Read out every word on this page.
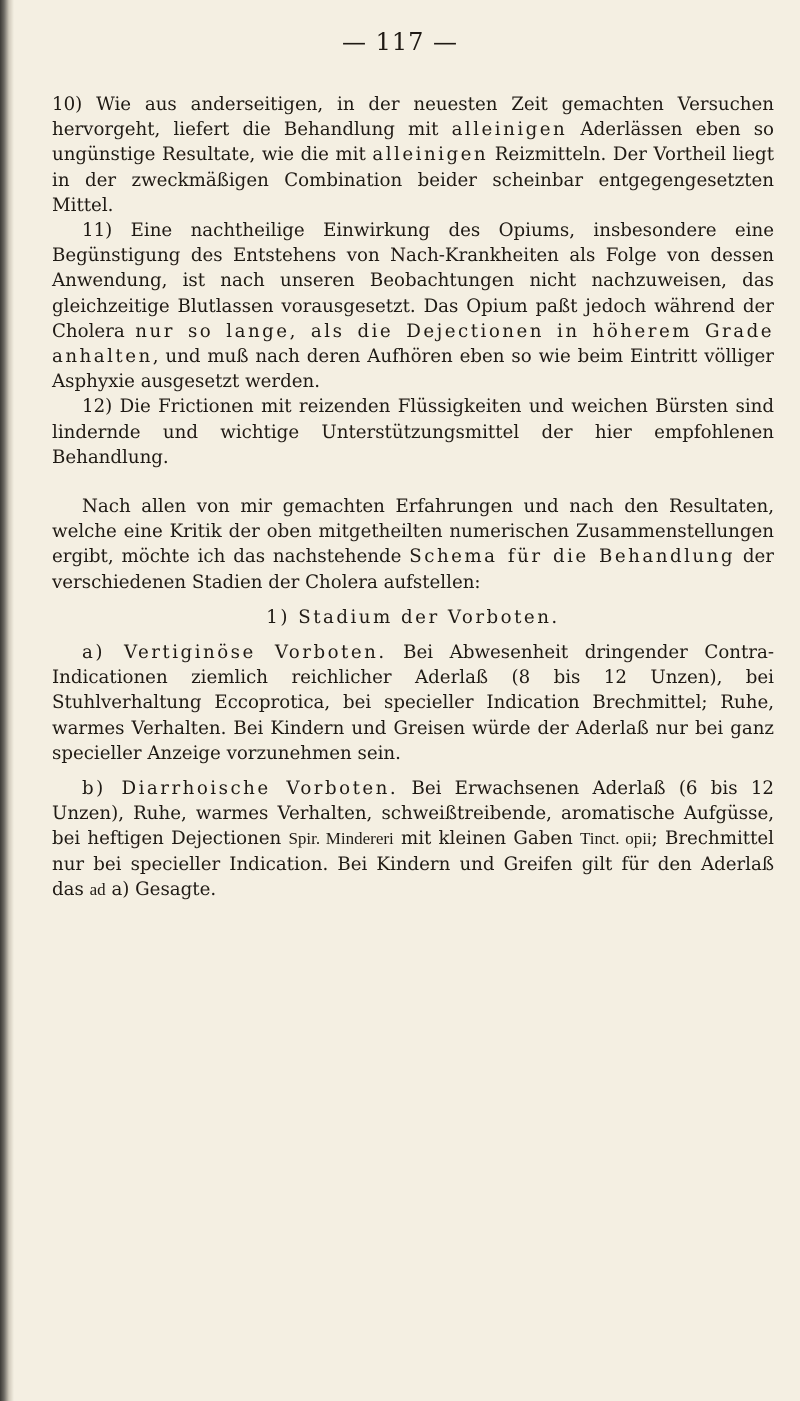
— 117 —

10) Wie aus anderseitigen, in der neuesten Zeit gemachten Versuchen hervorgeht, liefert die Behandlung mit alleinigen Aderlässen eben so ungünstige Resultate, wie die mit alleinigen Reizmitteln. Der Vortheil liegt in der zweckmäßigen Combination beider scheinbar entgegengesetzten Mittel.

11) Eine nachtheilige Einwirkung des Opiums, insbesondere eine Begünstigung des Entstehens von Nach-Krankheiten als Folge von dessen Anwendung, ist nach unseren Beobachtungen nicht nachzuweisen, das gleichzeitige Blutlassen vorausgesetzt. Das Opium paßt jedoch während der Cholera nur so lange, als die Dejectionen in höherem Grade anhalten, und muß nach deren Aufhören eben so wie beim Eintritt völliger Asphyxie ausgesetzt werden.

12) Die Frictionen mit reizenden Flüssigkeiten und weichen Bürsten sind lindernde und wichtige Unterstützungsmittel der hier empfohlenen Behandlung.

Nach allen von mir gemachten Erfahrungen und nach den Resultaten, welche eine Kritik der oben mitgetheilten numerischen Zusammenstellungen ergibt, möchte ich das nachstehende Schema für die Behandlung der verschiedenen Stadien der Cholera aufstellen:

1) Stadium der Vorboten.

a) Vertiginöse Vorboten. Bei Abwesenheit dringender Contra-Indicationen ziemlich reichlicher Aderlaß (8 bis 12 Unzen), bei Stuhlverhaltung Eccoprotica, bei specieller Indication Brechmittel; Ruhe, warmes Verhalten. Bei Kindern und Greisen würde der Aderlaß nur bei ganz specieller Anzeige vorzunehmen sein.

b) Diarrhoische Vorboten. Bei Erwachsenen Aderlaß (6 bis 12 Unzen), Ruhe, warmes Verhalten, schweißtreibende, aromatische Aufgüsse, bei heftigen Dejectionen Spir. Mindereri mit kleinen Gaben Tinct. opii; Brechmittel nur bei specieller Indication. Bei Kindern und Greifen gilt für den Aderlaß das ad a) Gesagte.
